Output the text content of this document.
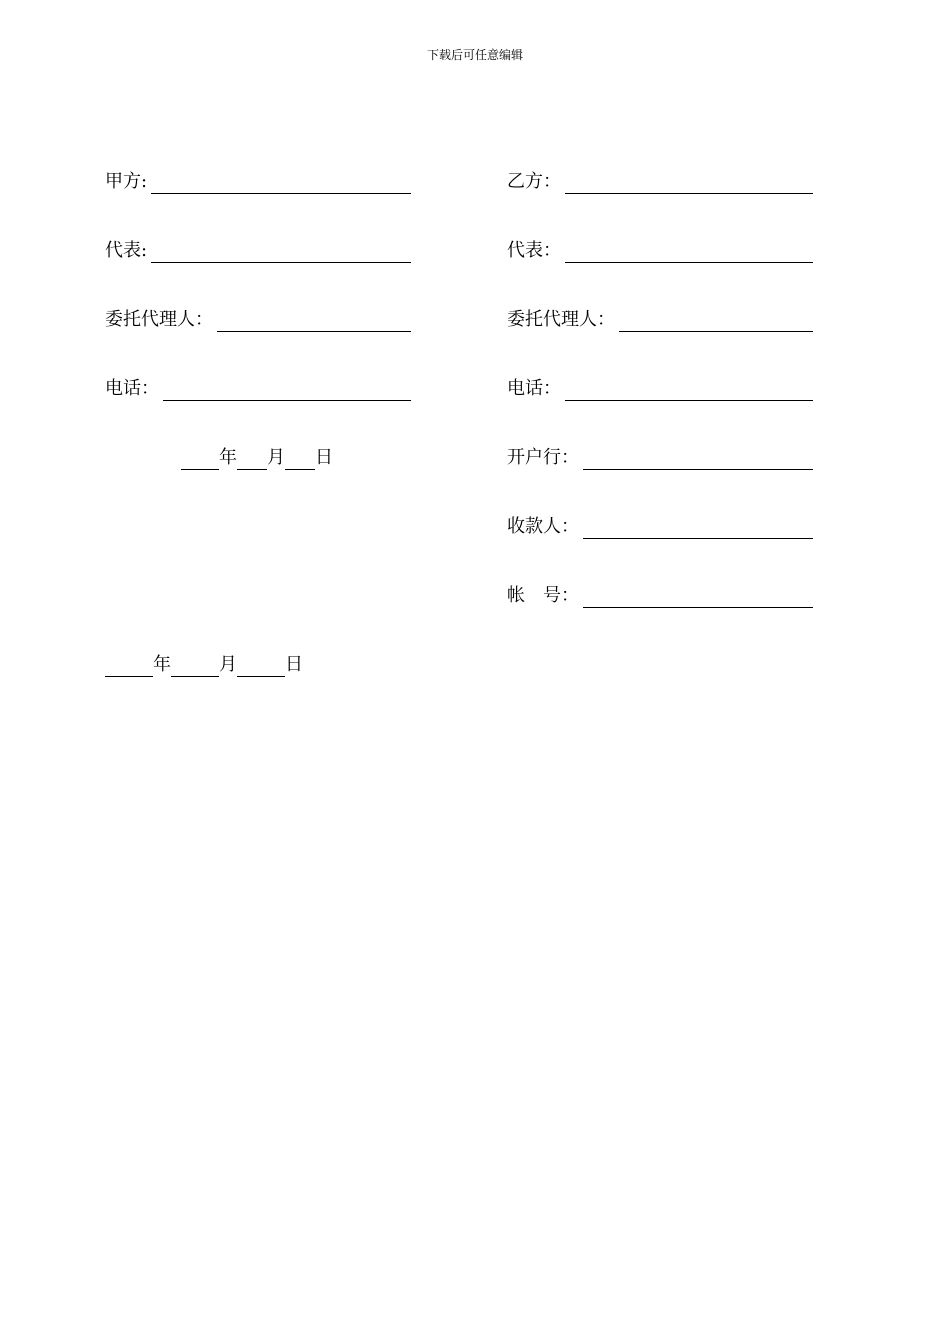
下载后可任意编辑
甲方:
代表:
委托代理人：
电话：
年 月 日
乙方：
代表：
委托代理人：
电话：
开户行：
收款人：
帐　号：
年	月	日
